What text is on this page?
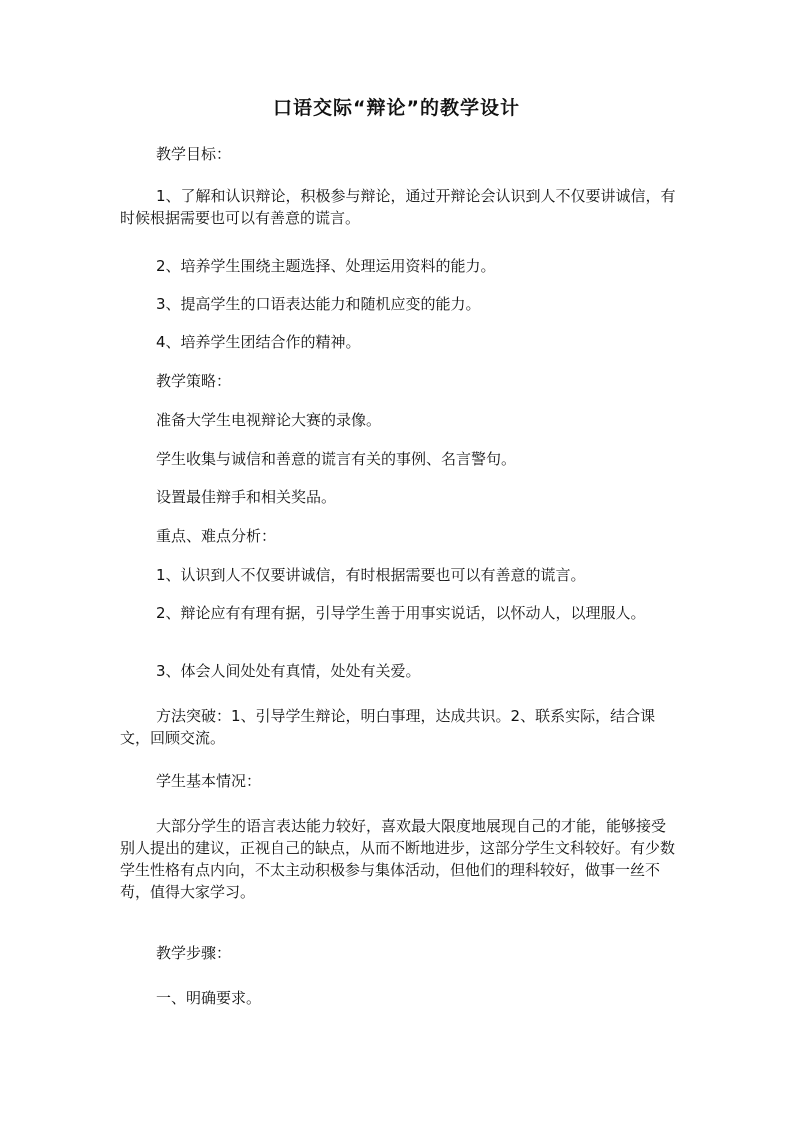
口语交际“辩论”的教学设计
教学目标：
1、了解和认识辩论，积极参与辩论，通过开辩论会认识到人不仅要讲诚信，有时候根据需要也可以有善意的谎言。
2、培养学生围绕主题选择、处理运用资料的能力。
3、提高学生的口语表达能力和随机应变的能力。
4、培养学生团结合作的精神。
教学策略：
准备大学生电视辩论大赛的录像。
学生收集与诚信和善意的谎言有关的事例、名言警句。
设置最佳辩手和相关奖品。
重点、难点分析：
1、认识到人不仅要讲诚信，有时根据需要也可以有善意的谎言。
2、辩论应有有理有据，引导学生善于用事实说话，以怀动人，以理服人。
3、体会人间处处有真情，处处有关爱。
方法突破：1、引导学生辩论，明白事理，达成共识。2、联系实际，结合课文，回顾交流。
学生基本情况：
大部分学生的语言表达能力较好，喜欢最大限度地展现自己的才能，能够接受别人提出的建议，正视自己的缺点，从而不断地进步，这部分学生文科较好。有少数学生性格有点内向，不太主动积极参与集体活动，但他们的理科较好，做事一丝不苟，值得大家学习。
教学步骤：
一、明确要求。
